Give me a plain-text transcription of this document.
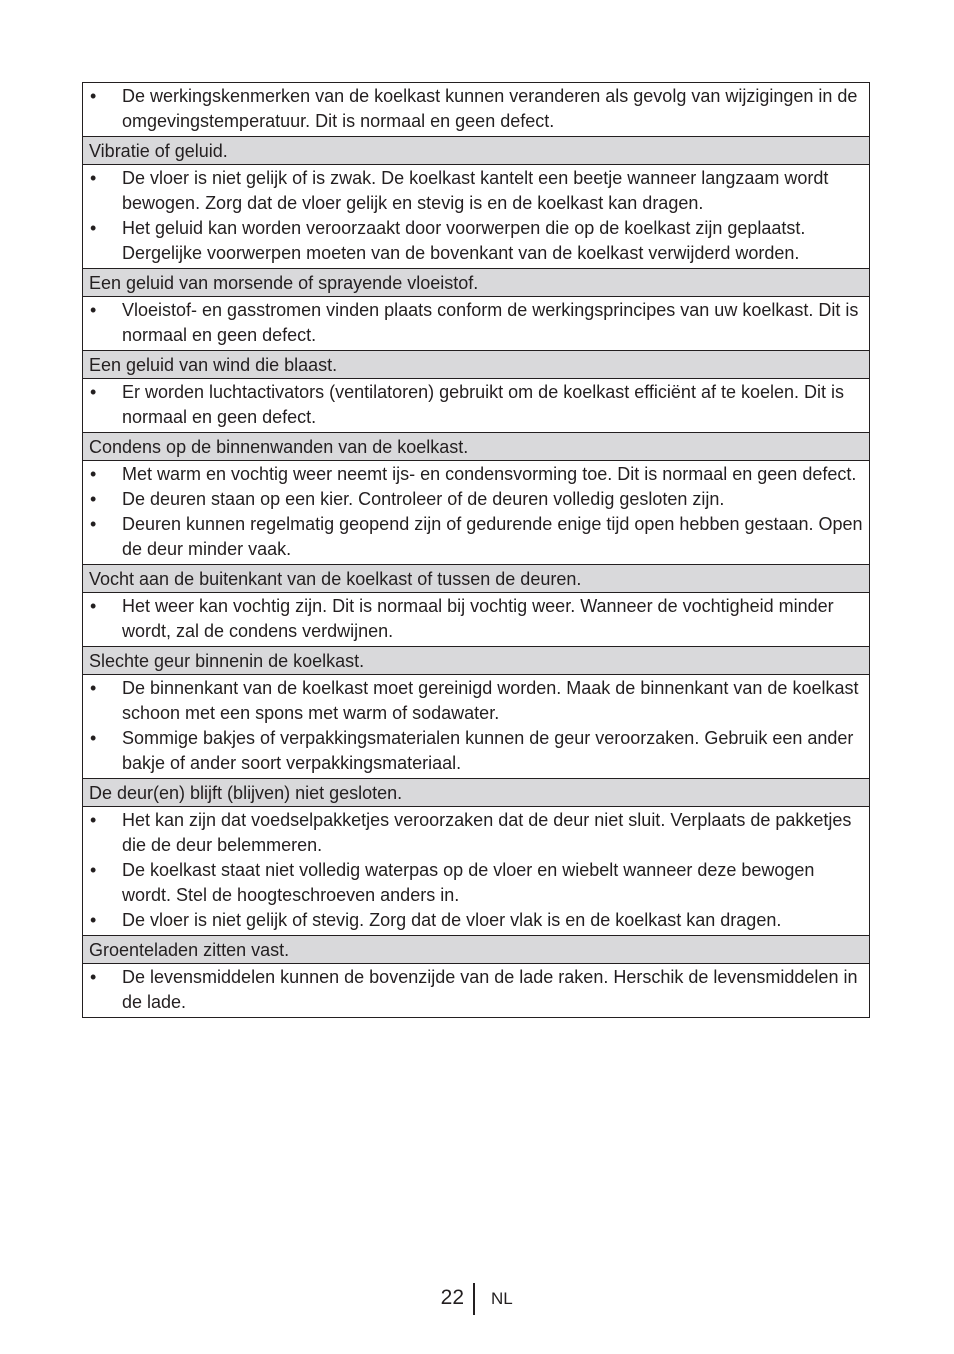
•	De werkingskenmerken van de koelkast kunnen veranderen als gevolg van wijzigingen in de omgevingstemperatuur. Dit is normaal en geen defect.
Vibratie of geluid.
•	De vloer is niet gelijk of is zwak. De koelkast kantelt een beetje wanneer langzaam wordt bewogen. Zorg dat de vloer gelijk en stevig is en de koelkast kan dragen.
•	Het geluid kan worden veroorzaakt door voorwerpen die op de koelkast zijn geplaatst. Dergelijke voorwerpen moeten van de bovenkant van de koelkast verwijderd worden.
Een geluid van morsende of sprayende vloeistof.
•	Vloeistof- en gasstromen vinden plaats conform de werkingsprincipes van uw koelkast. Dit is normaal en geen defect.
Een geluid van wind die blaast.
•	Er worden luchtactivators (ventilatoren) gebruikt om de koelkast efficiënt af te koelen. Dit is normaal en geen defect.
Condens op de binnenwanden van de koelkast.
•	Met warm en vochtig weer neemt ijs- en condensvorming toe. Dit is normaal en geen defect.
•	De deuren staan op een kier. Controleer of de deuren volledig gesloten zijn.
•	Deuren kunnen regelmatig geopend zijn of gedurende enige tijd open hebben gestaan. Open de deur minder vaak.
Vocht aan de buitenkant van de koelkast of tussen de deuren.
•	Het weer kan vochtig zijn. Dit is normaal bij vochtig weer. Wanneer de vochtigheid minder wordt, zal de condens verdwijnen.
Slechte geur binnenin de koelkast.
•	De binnenkant van de koelkast moet gereinigd worden. Maak de binnenkant van de koelkast schoon met een spons met warm of sodawater.
•	Sommige bakjes of verpakkingsmaterialen kunnen de geur veroorzaken. Gebruik een ander bakje of ander soort verpakkingsmateriaal.
De deur(en) blijft (blijven) niet gesloten.
•	Het kan zijn dat voedselpakketjes veroorzaken dat de deur niet sluit. Verplaats de pakketjes die de deur belemmeren.
•	De koelkast staat niet volledig waterpas op de vloer en wiebelt wanneer deze bewogen wordt. Stel de hoogteschroeven anders in.
•	De vloer is niet gelijk of stevig. Zorg dat de vloer vlak is en de koelkast kan dragen.
Groenteladen zitten vast.
•	De levensmiddelen kunnen de bovenzijde van de lade raken. Herschik de levensmiddelen in de lade.
22 NL
